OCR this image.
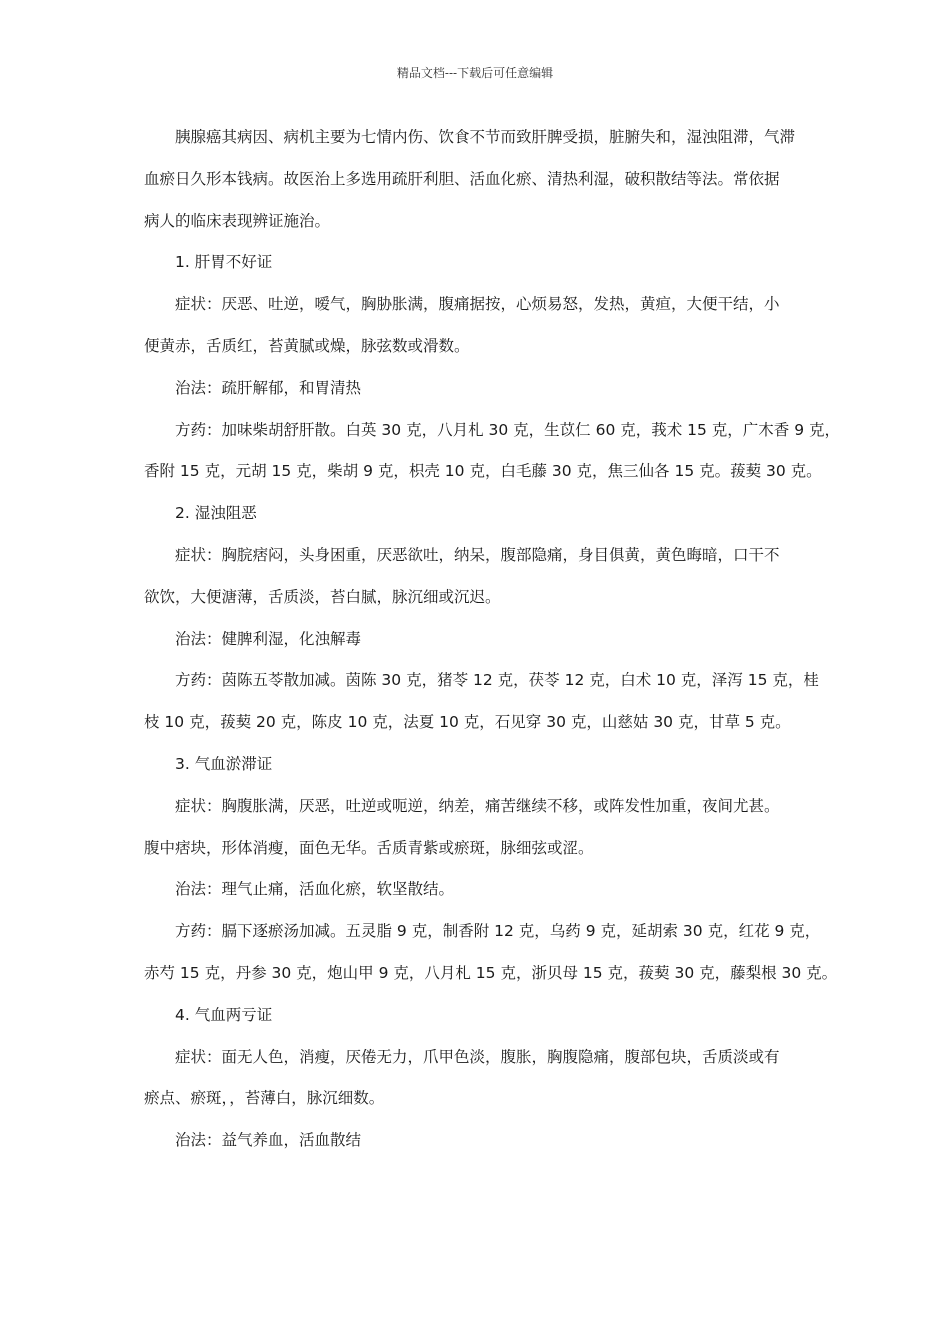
精品文档---下载后可任意编辑
胰腺癌其病因、病机主要为七情内伤、饮食不节而致肝脾受损，脏腑失和，湿浊阻滞，气滞
血瘀日久形本钱病。故医治上多选用疏肝利胆、活血化瘀、清热利湿，破积散结等法。常依据
病人的临床表现辨证施治。
1. 肝胃不好证
症状：厌恶、吐逆，嗳气，胸胁胀满，腹痛据按，心烦易怒，发热，黄疸，大便干结，小
便黄赤，舌质红，苔黄腻或燥，脉弦数或滑数。
治法：疏肝解郁，和胃清热
方药：加味柴胡舒肝散。白英 30 克，八月札 30 克，生苡仁 60 克，莪术 15 克，广木香 9 克，
香附 15 克，元胡 15 克，柴胡 9 克，枳壳 10 克，白毛藤 30 克，焦三仙各 15 克。菝葜 30 克。
2. 湿浊阻恶
症状：胸脘痞闷，头身困重，厌恶欲吐，纳呆，腹部隐痛，身目俱黄，黄色晦暗，口干不
欲饮，大便溏薄，舌质淡，苔白腻，脉沉细或沉迟。
治法：健脾利湿，化浊解毒
方药：茵陈五苓散加减。茵陈 30 克，猪苓 12 克，茯苓 12 克，白术 10 克，泽泻 15 克，桂
枝 10 克，菝葜 20 克，陈皮 10 克，法夏 10 克，石见穿 30 克，山慈姑 30 克，甘草 5 克。
3. 气血淤滞证
症状：胸腹胀满，厌恶，吐逆或呃逆，纳差，痛苦继续不移，或阵发性加重，夜间尤甚。
腹中痞块，形体消瘦，面色无华。舌质青紫或瘀斑，脉细弦或涩。
治法：理气止痛，活血化瘀，软坚散结。
方药：膈下逐瘀汤加减。五灵脂 9 克，制香附 12 克，乌药 9 克，延胡索 30 克，红花 9 克，
赤芍 15 克，丹参 30 克，炮山甲 9 克，八月札 15 克，浙贝母 15 克，菝葜 30 克，藤梨根 30 克。
4. 气血两亏证
症状：面无人色，消瘦，厌倦无力，爪甲色淡，腹胀，胸腹隐痛，腹部包块，舌质淡或有
瘀点、瘀斑，，苔薄白，脉沉细数。
治法：益气养血，活血散结
